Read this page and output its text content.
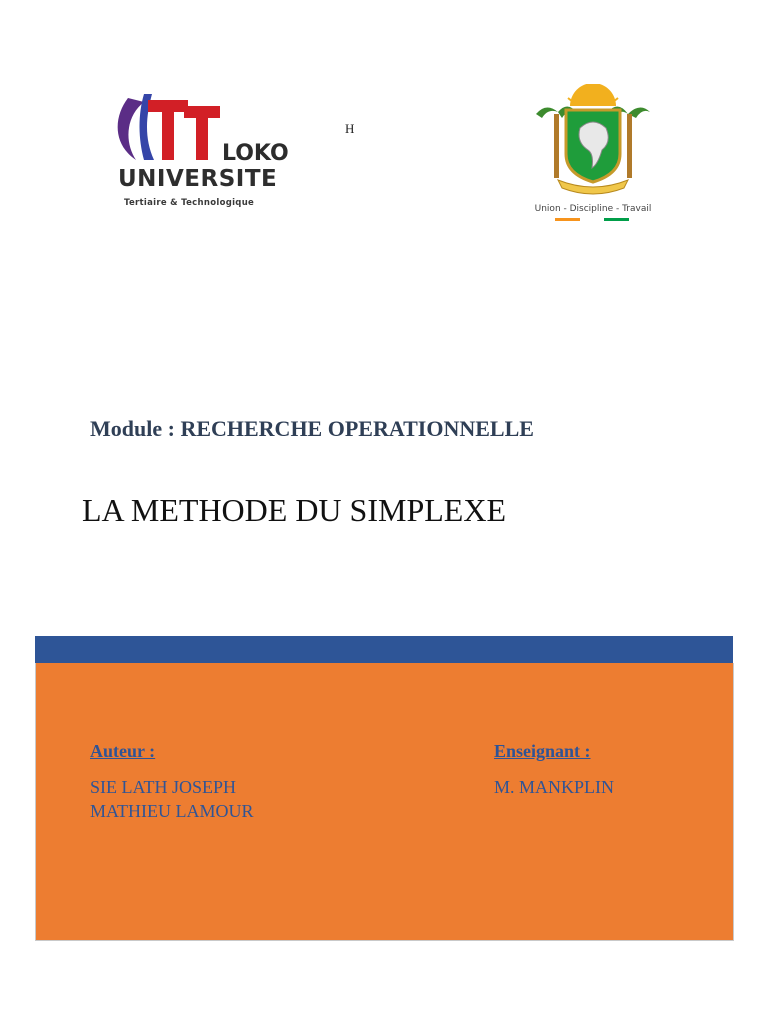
LOKO
UNIVERSITE
Tertiaire & Technologique
H
Union - Discipline - Travail
Module : RECHERCHE OPERATIONNELLE
LA METHODE DU SIMPLEXE
Auteur :
SIE LATH JOSEPH
MATHIEU LAMOUR
Enseignant :
M. MANKPLIN
